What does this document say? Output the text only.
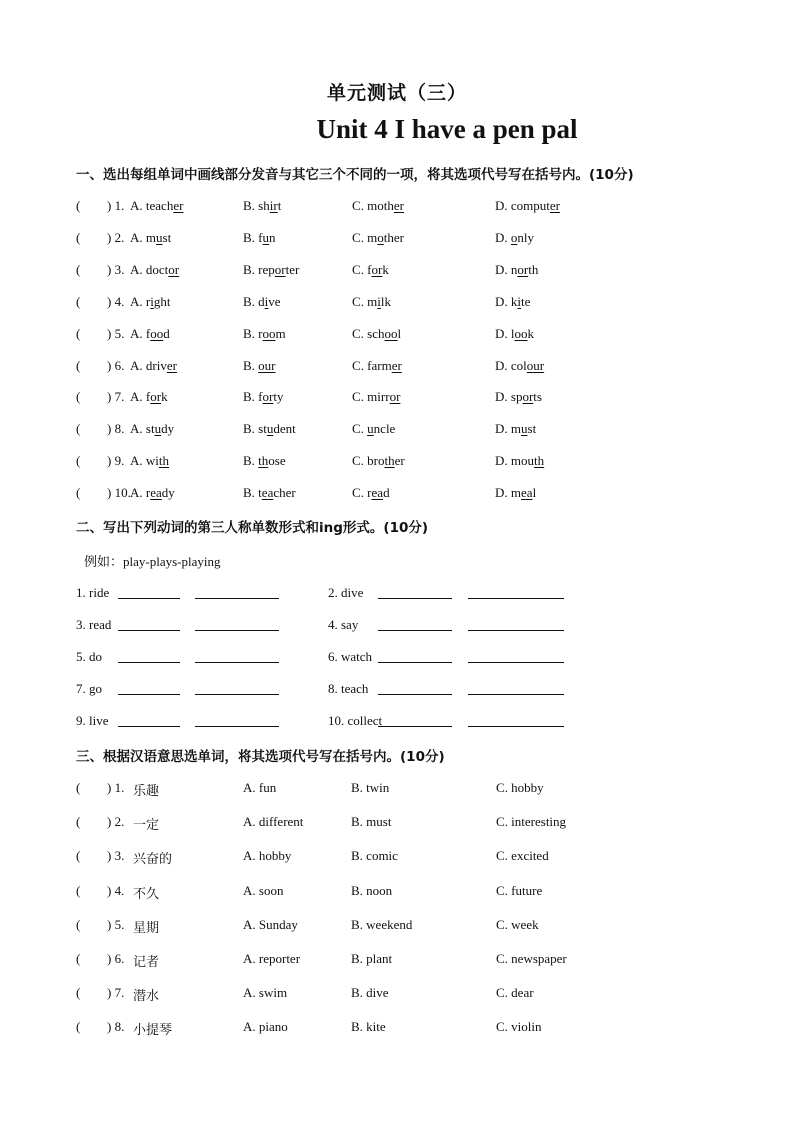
单元测试（三）
Unit 4 I have a pen pal
一、选出每组单词中画线部分发音与其它三个不同的一项，将其选项代号写在括号内。(10分)
( ) 1. A. teacher	B. shirt	C. mother	D. computer
( ) 2. A. must	B. fun	C. mother	D. only
( ) 3. A. doctor	B. reporter	C. fork	D. north
( ) 4. A. right	B. dive	C. milk	D. kite
( ) 5. A. food	B. room	C. school	D. look
( ) 6. A. driver	B. our	C. farmer	D. colour
( ) 7. A. fork	B. forty	C. mirror	D. sports
( ) 8. A. study	B. student	C. uncle	D. must
( ) 9. A. with	B. those	C. brother	D. mouth
( ) 10. A. ready	B. teacher	C. read	D. meal
二、写出下列动词的第三人称单数形式和ing形式。(10分)
例如：play-plays-playing
1. ride	2. dive
3. read	4. say
5. do	6. watch
7. go	8. teach
9. live	10. collect
三、根据汉语意思选单词，将其选项代号写在括号内。(10分)
( ) 1. 乐趣	A. fun	B. twin	C. hobby
( ) 2. 一定	A. different	B. must	C. interesting
( ) 3. 兴奋的	A. hobby	B. comic	C. excited
( ) 4. 不久	A. soon	B. noon	C. future
( ) 5. 星期	A. Sunday	B. weekend	C. week
( ) 6. 记者	A. reporter	B. plant	C. newspaper
( ) 7. 潜水	A. swim	B. dive	C. dear
( ) 8. 小提琴	A. piano	B. kite	C. violin
